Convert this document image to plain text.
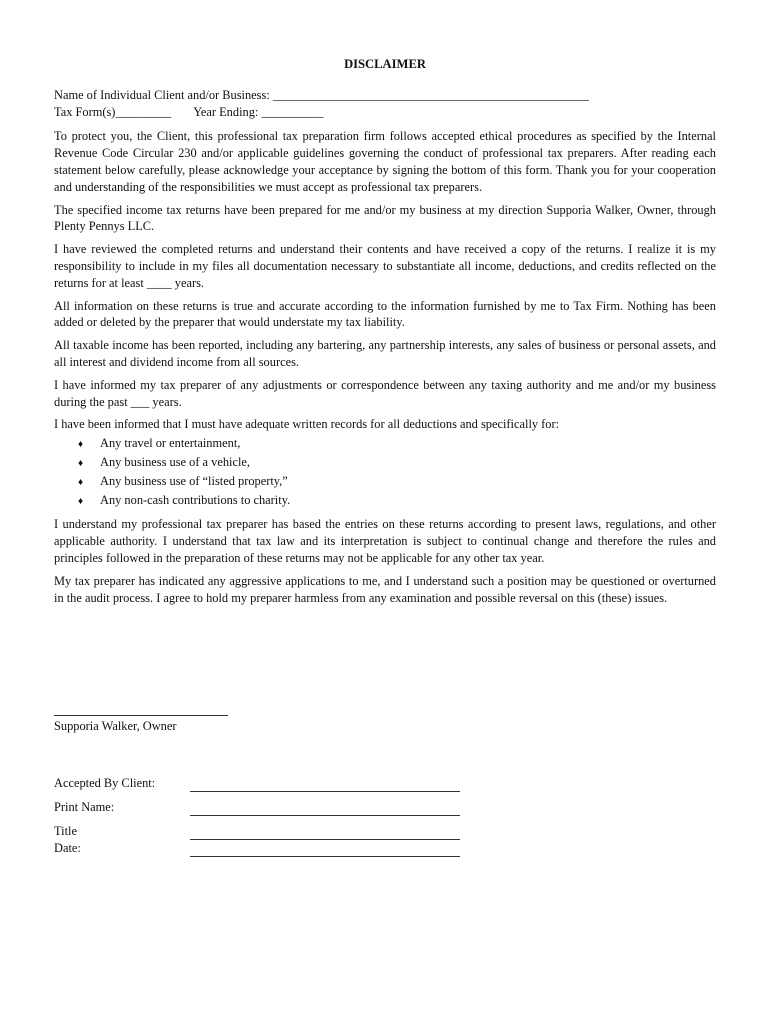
DISCLAIMER
Name of Individual Client and/or Business: ___________________________________________________
Tax Form(s)_________ Year Ending: __________

To protect you, the Client, this professional tax preparation firm follows accepted ethical procedures as specified by the Internal Revenue Code Circular 230 and/or applicable guidelines governing the conduct of professional tax preparers. After reading each statement below carefully, please acknowledge your acceptance by signing the bottom of this form. Thank you for your cooperation and understanding of the responsibilities we must accept as professional tax preparers.

The specified income tax returns have been prepared for me and/or my business at my direction Supporia Walker, Owner, through Plenty Pennys LLC.

I have reviewed the completed returns and understand their contents and have received a copy of the returns. I realize it is my responsibility to include in my files all documentation necessary to substantiate all income, deductions, and credits reflected on the returns for at least ____ years.

All information on these returns is true and accurate according to the information furnished by me to Tax Firm. Nothing has been added or deleted by the preparer that would understate my tax liability.

All taxable income has been reported, including any bartering, any partnership interests, any sales of business or personal assets, and all interest and dividend income from all sources.

I have informed my tax preparer of any adjustments or correspondence between any taxing authority and me and/or my business during the past ___ years.

I have been informed that I must have adequate written records for all deductions and specifically for:

♦	Any travel or entertainment,
♦	Any business use of a vehicle,
♦	Any business use of “listed property,”
♦	Any non-cash contributions to charity.

I understand my professional tax preparer has based the entries on these returns according to present laws, regulations, and other applicable authority. I understand that tax law and its interpretation is subject to continual change and therefore the rules and principles followed in the preparation of these returns may not be applicable for any other tax year.

My tax preparer has indicated any aggressive applications to me, and I understand such a position may be questioned or overturned in the audit process. I agree to hold my preparer harmless from any examination and possible reversal on this (these) issues.

Supporia Walker, Owner
Accepted By Client:
Print Name:
Title
Date:
